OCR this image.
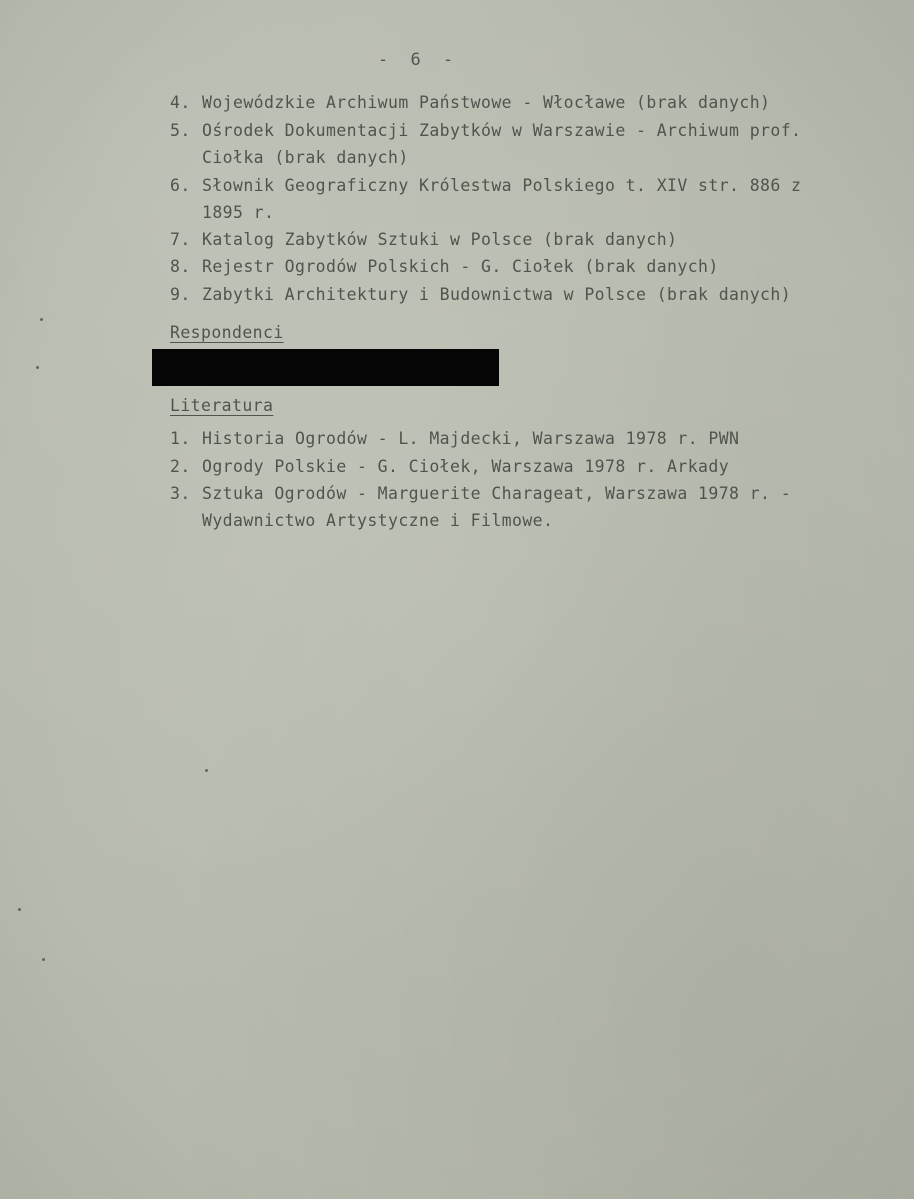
- 6 -
4. Wojewódzkie Archiwum Państwowe - Włocławe (brak danych)
5. Ośrodek Dokumentacji Zabytków w Warszawie - Archiwum prof.
Ciołka (brak danych)
6. Słownik Geograficzny Królestwa Polskiego t. XIV str. 886 z
1895 r.
7. Katalog Zabytków Sztuki w Polsce (brak danych)
8. Rejestr Ogrodów Polskich - G. Ciołek (brak danych)
9. Zabytki Architektury i Budownictwa w Polsce (brak danych)
Respondenci
Literatura
1. Historia Ogrodów - L. Majdecki, Warszawa 1978 r. PWN
2. Ogrody Polskie - G. Ciołek, Warszawa 1978 r. Arkady
3. Sztuka Ogrodów - Marguerite Charageat, Warszawa 1978 r. -
Wydawnictwo Artystyczne i Filmowe.
